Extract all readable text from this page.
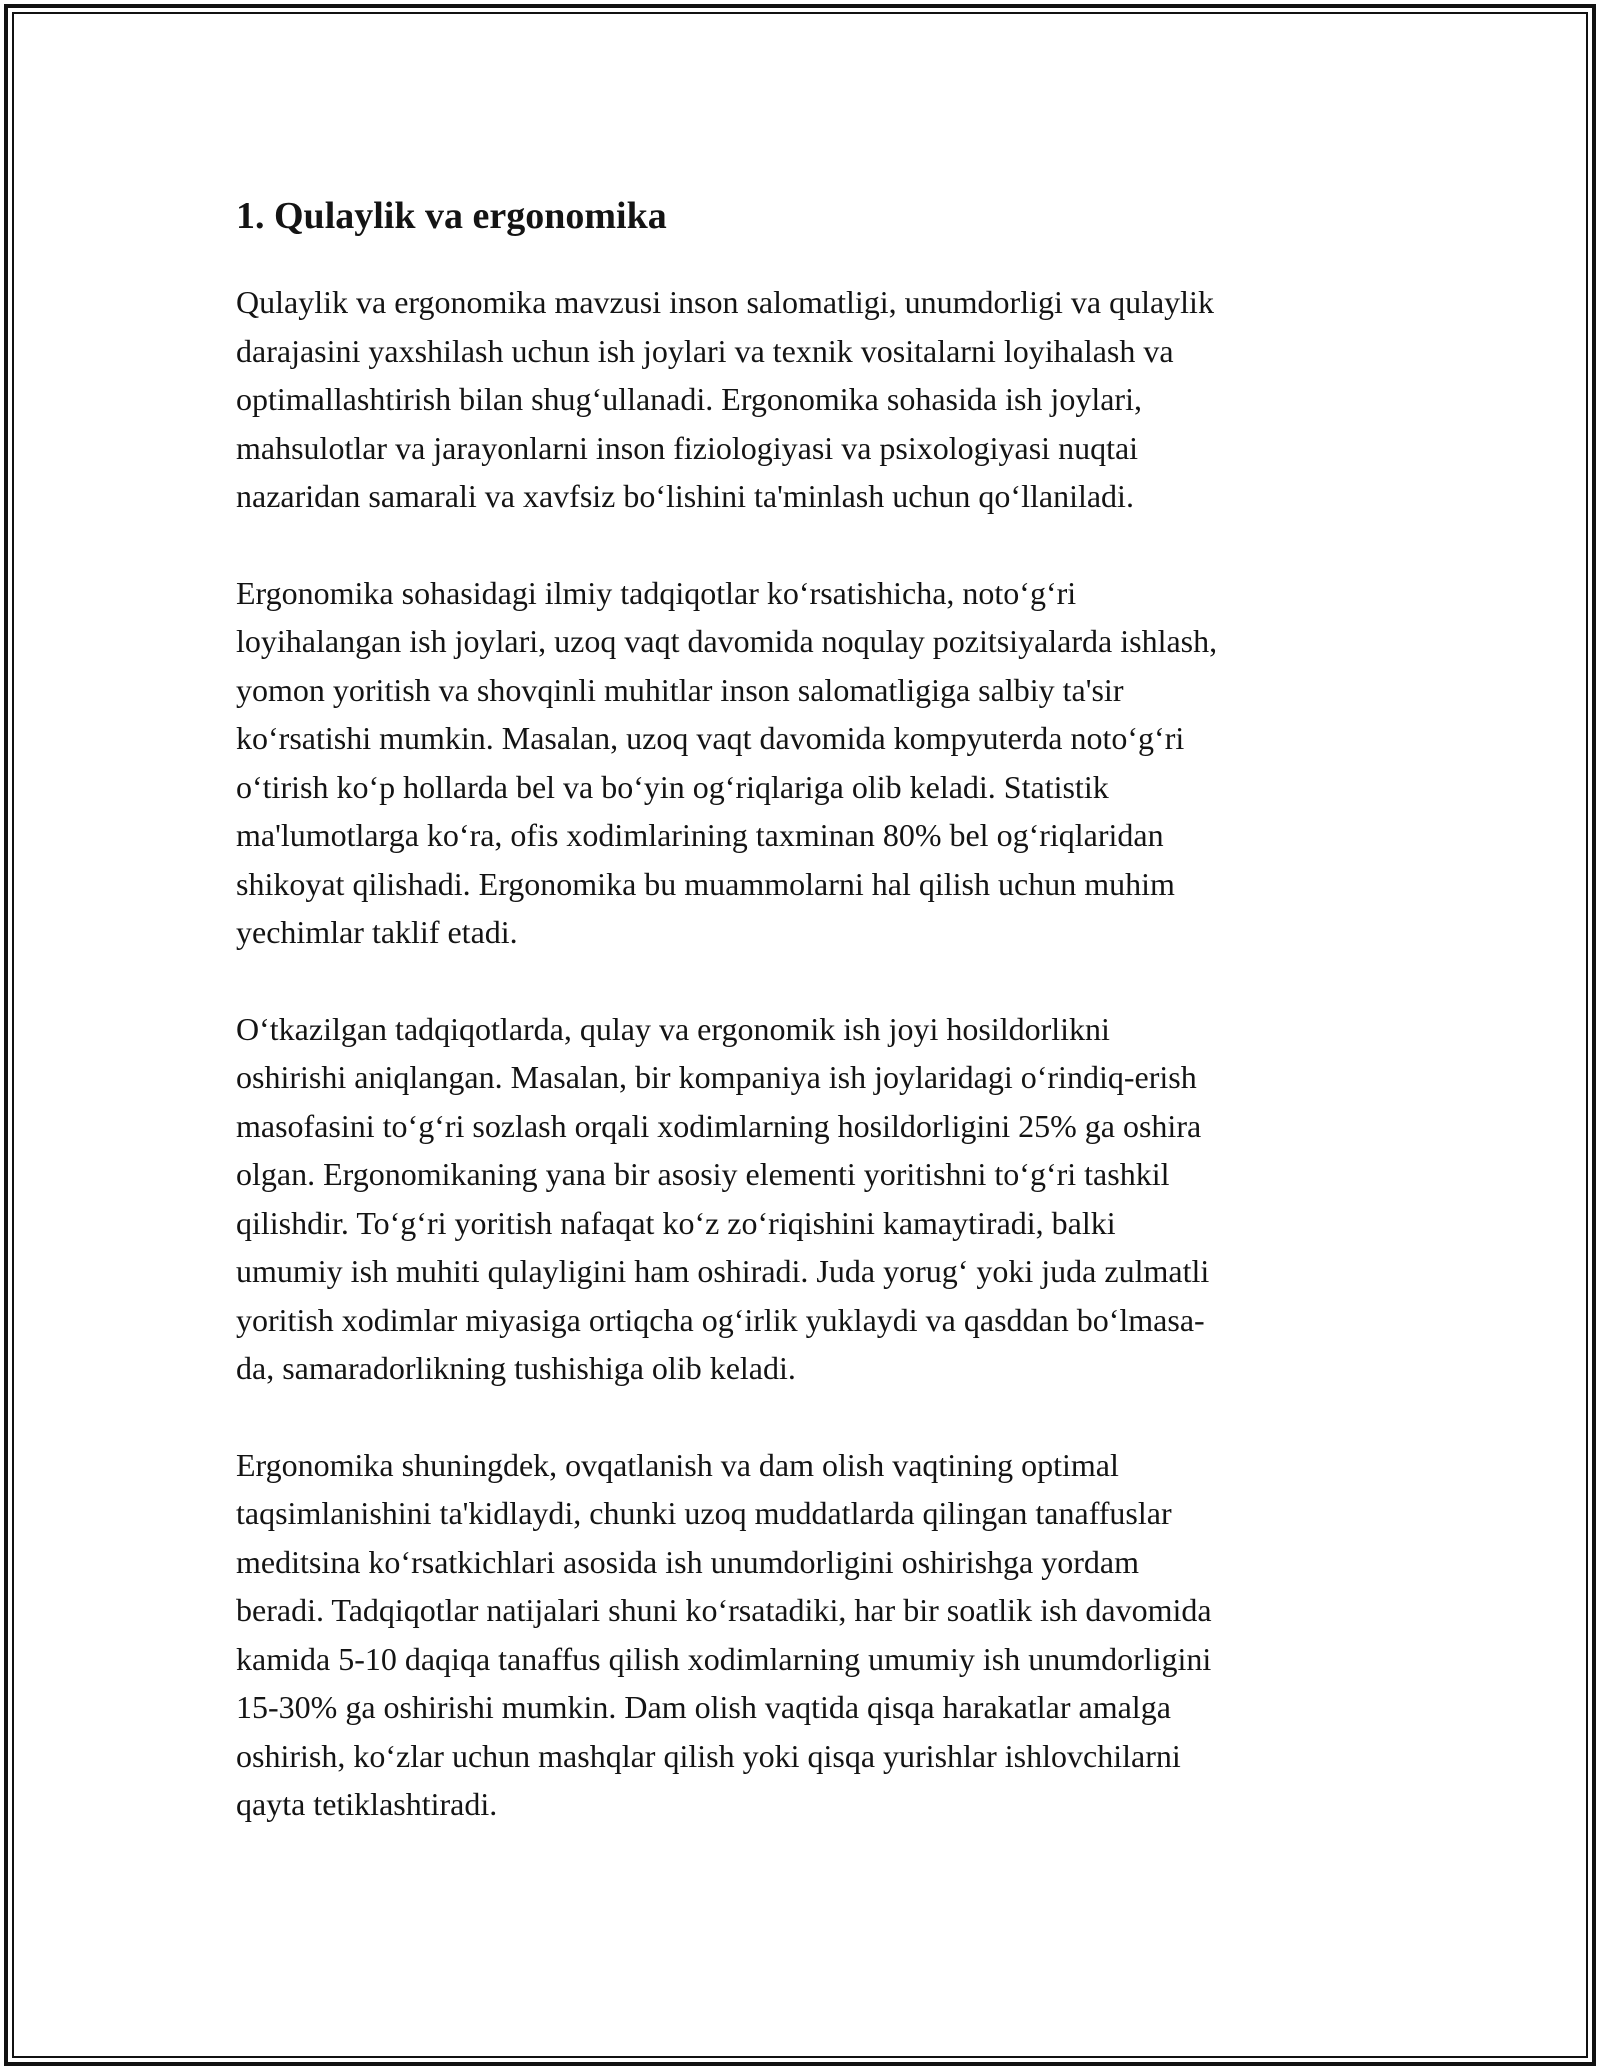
1. Qulaylik va ergonomika

Qulaylik va ergonomika mavzusi inson salomatligi, unumdorligi va qulaylik
darajasini yaxshilash uchun ish joylari va texnik vositalarni loyihalash va
optimallashtirish bilan shug‘ullanadi. Ergonomika sohasida ish joylari,
mahsulotlar va jarayonlarni inson fiziologiyasi va psixologiyasi nuqtai
nazaridan samarali va xavfsiz bo‘lishini ta'minlash uchun qo‘llaniladi.

Ergonomika sohasidagi ilmiy tadqiqotlar ko‘rsatishicha, noto‘g‘ri
loyihalangan ish joylari, uzoq vaqt davomida noqulay pozitsiyalarda ishlash,
yomon yoritish va shovqinli muhitlar inson salomatligiga salbiy ta'sir
ko‘rsatishi mumkin. Masalan, uzoq vaqt davomida kompyuterda noto‘g‘ri
o‘tirish ko‘p hollarda bel va bo‘yin og‘riqlariga olib keladi. Statistik
ma'lumotlarga ko‘ra, ofis xodimlarining taxminan 80% bel og‘riqlaridan
shikoyat qilishadi. Ergonomika bu muammolarni hal qilish uchun muhim
yechimlar taklif etadi.

O‘tkazilgan tadqiqotlarda, qulay va ergonomik ish joyi hosildorlikni
oshirishi aniqlangan. Masalan, bir kompaniya ish joylaridagi o‘rindiq-erish
masofasini to‘g‘ri sozlash orqali xodimlarning hosildorligini 25% ga oshira
olgan. Ergonomikaning yana bir asosiy elementi yoritishni to‘g‘ri tashkil
qilishdir. To‘g‘ri yoritish nafaqat ko‘z zo‘riqishini kamaytiradi, balki
umumiy ish muhiti qulayligini ham oshiradi. Juda yorug‘ yoki juda zulmatli
yoritish xodimlar miyasiga ortiqcha og‘irlik yuklaydi va qasddan bo‘lmasa-
da, samaradorlikning tushishiga olib keladi.

Ergonomika shuningdek, ovqatlanish va dam olish vaqtining optimal
taqsimlanishini ta'kidlaydi, chunki uzoq muddatlarda qilingan tanaffuslar
meditsina ko‘rsatkichlari asosida ish unumdorligini oshirishga yordam
beradi. Tadqiqotlar natijalari shuni ko‘rsatadiki, har bir soatlik ish davomida
kamida 5-10 daqiqa tanaffus qilish xodimlarning umumiy ish unumdorligini
15-30% ga oshirishi mumkin. Dam olish vaqtida qisqa harakatlar amalga
oshirish, ko‘zlar uchun mashqlar qilish yoki qisqa yurishlar ishlovchilarni
qayta tetiklashtiradi.
